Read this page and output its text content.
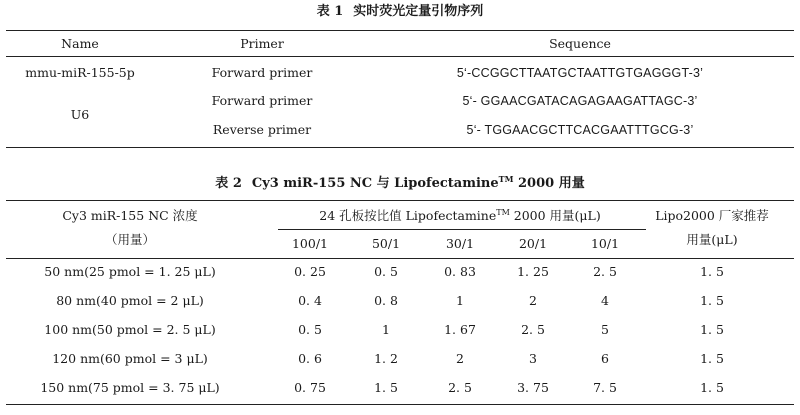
表 1 实时荧光定量引物序列
Name	Primer	Sequence
mmu-miR-155-5p	Forward primer	5‘-CCGGCTTAATGCTAATTGTGAGGGT-3’
U6
Forward primer	5‘- GGAACGATACAGAGAAGATTAGC-3’
Reverse primer	5‘- TGGAACGCTTCACGAATTTGCG-3’
表 2 Cy3 miR-155 NC 与 Lipofectamine™ 2000 用量
Cy3 miR-155 NC 浓度
（用量）
24 孔板按比值 Lipofectamine™ 2000 用量(μL)
100/1	50/1	30/1	20/1	10/1
Lipo2000 厂家推荐
用量(μL)
50 nm(25 pmol = 1. 25 μL)	0. 25	0. 5	0. 83	1. 25	2. 5	1. 5
80 nm(40 pmol = 2 μL)	0. 4	0. 8	1	2	4	1. 5
100 nm(50 pmol = 2. 5 μL)	0. 5	1	1. 67	2. 5	5	1. 5
120 nm(60 pmol = 3 μL)	0. 6	1. 2	2	3	6	1. 5
150 nm(75 pmol = 3. 75 μL)	0. 75	1. 5	2. 5	3. 75	7. 5	1. 5
